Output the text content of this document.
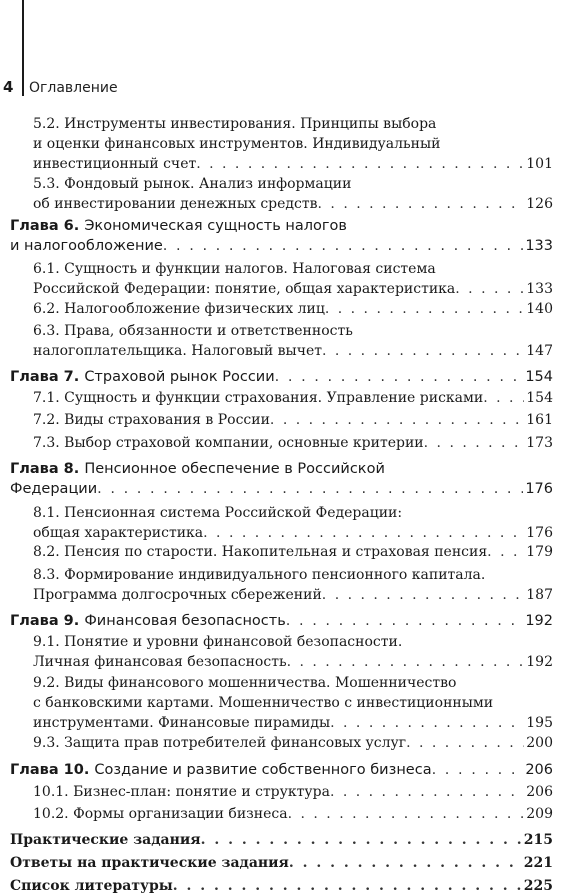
4	Оглавление
5.2. Инструменты инвестирования. Принципы выбора
и оценки финансовых инструментов. Индивидуальный
инвестиционный счет . . .	101
5.3. Фондовый рынок. Анализ информации
об инвестировании денежных средств . . .	126
Глава 6. Экономическая сущность налогов
и налогообложение . . .	133
6.1. Сущность и функции налогов. Налоговая система
Российской Федерации: понятие, общая характеристика . . .	133
6.2. Налогообложение физических лиц . . .	140
6.3. Права, обязанности и ответственность
налогоплательщика. Налоговый вычет . . .	147
Глава 7. Страховой рынок России . . .	154
7.1. Сущность и функции страхования. Управление рисками . . .	154
7.2. Виды страхования в России . . .	161
7.3. Выбор страховой компании, основные критерии . . .	173
Глава 8. Пенсионное обеспечение в Российской
Федерации . . .	176
8.1. Пенсионная система Российской Федерации:
общая характеристика . . .	176
8.2. Пенсия по старости. Накопительная и страховая пенсия . . .	179
8.3. Формирование индивидуального пенсионного капитала.
Программа долгосрочных сбережений . . .	187
Глава 9. Финансовая безопасность . . .	192
9.1. Понятие и уровни финансовой безопасности.
Личная финансовая безопасность . . .	192
9.2. Виды финансового мошенничества. Мошенничество
с банковскими картами. Мошенничество с инвестиционными
инструментами. Финансовые пирамиды . . .	195
9.3. Защита прав потребителей финансовых услуг . . .	200
Глава 10. Создание и развитие собственного бизнеса . . .	206
10.1. Бизнес-план: понятие и структура . . .	206
10.2. Формы организации бизнеса . . .	209
Практические задания . . .	215
Ответы на практические задания . . .	221
Список литературы . . .	225
